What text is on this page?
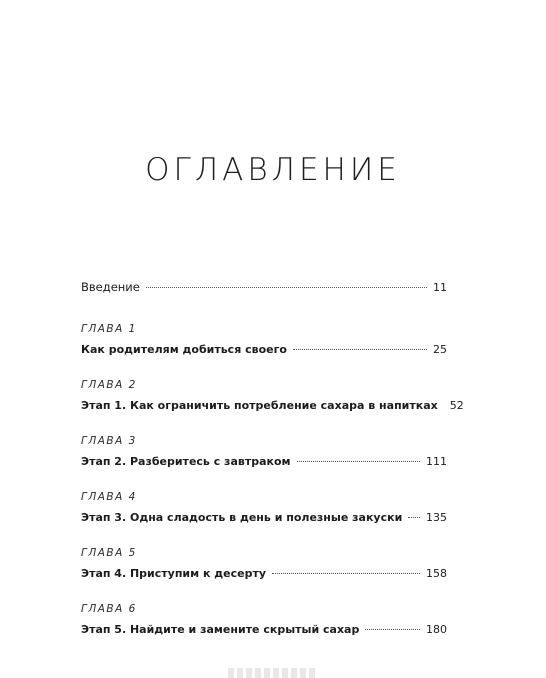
ОГЛАВЛЕНИЕ
Введение	11
ГЛАВА 1
Как родителям добиться своего	25
ГЛАВА 2
Этап 1. Как ограничить потребление сахара в напитках 52
ГЛАВА 3
Этап 2. Разберитесь с завтраком	111
ГЛАВА 4
Этап 3. Одна сладость в день и полезные закуски 135
ГЛАВА 5
Этап 4. Приступим к десерту	158
ГЛАВА 6
Этап 5. Найдите и замените скрытый сахар	180
